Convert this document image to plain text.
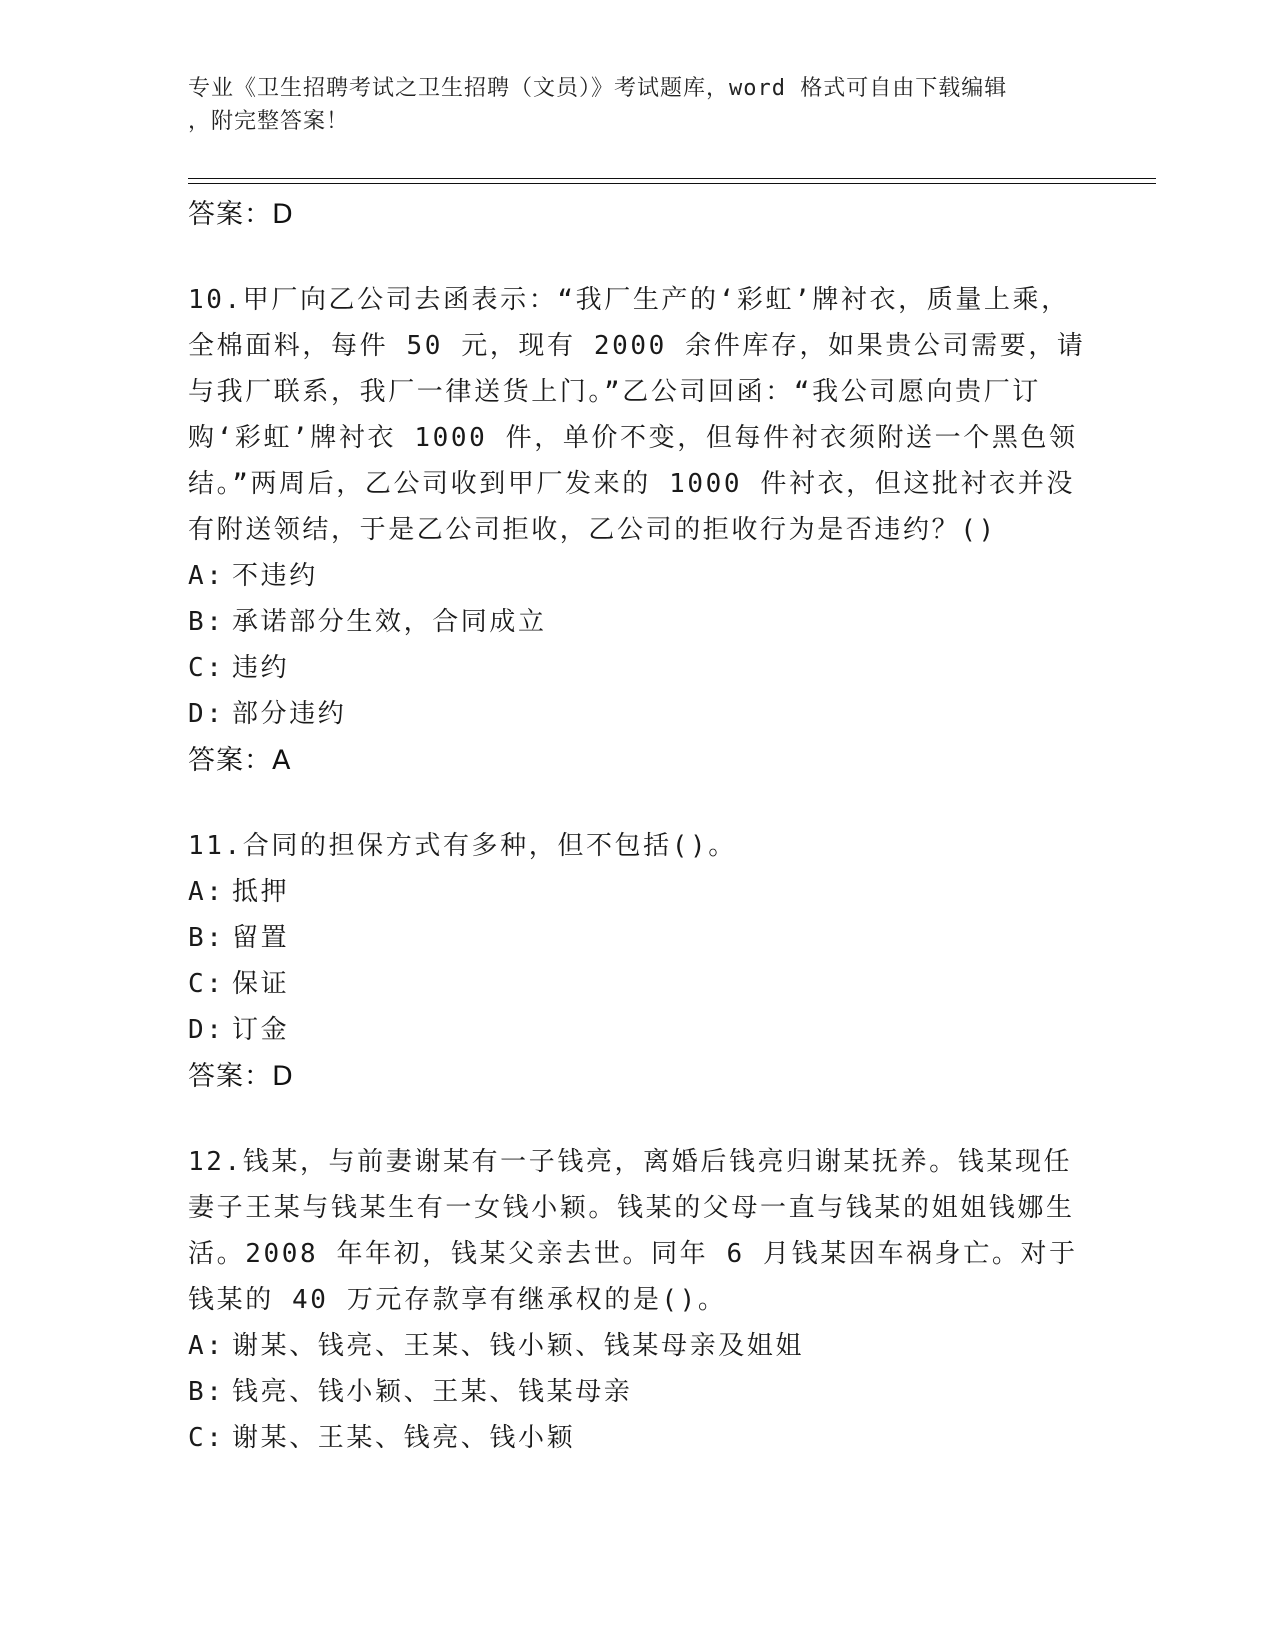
专业《卫生招聘考试之卫生招聘（文员）》考试题库，word 格式可自由下载编辑
，附完整答案！
答案：D

10.甲厂向乙公司去函表示：“我厂生产的‘彩虹’牌衬衣，质量上乘，全棉面料，每件 50 元，现有 2000 余件库存，如果贵公司需要，请与我厂联系，我厂一律送货上门。”乙公司回函：“我公司愿向贵厂订购‘彩虹’牌衬衣 1000 件，单价不变，但每件衬衣须附送一个黑色领结。”两周后，乙公司收到甲厂发来的 1000 件衬衣，但这批衬衣并没有附送领结，于是乙公司拒收，乙公司的拒收行为是否违约？()

A: 不违约
B: 承诺部分生效，合同成立
C: 违约
D: 部分违约
答案：A

11.合同的担保方式有多种，但不包括()。

A: 抵押
B: 留置
C: 保证
D: 订金
答案：D

12.钱某，与前妻谢某有一子钱亮，离婚后钱亮归谢某抚养。钱某现任妻子王某与钱某生有一女钱小颖。钱某的父母一直与钱某的姐姐钱娜生活。2008 年年初，钱某父亲去世。同年 6 月钱某因车祸身亡。对于钱某的 40 万元存款享有继承权的是()。

A: 谢某、钱亮、王某、钱小颖、钱某母亲及姐姐
B: 钱亮、钱小颖、王某、钱某母亲
C: 谢某、王某、钱亮、钱小颖
